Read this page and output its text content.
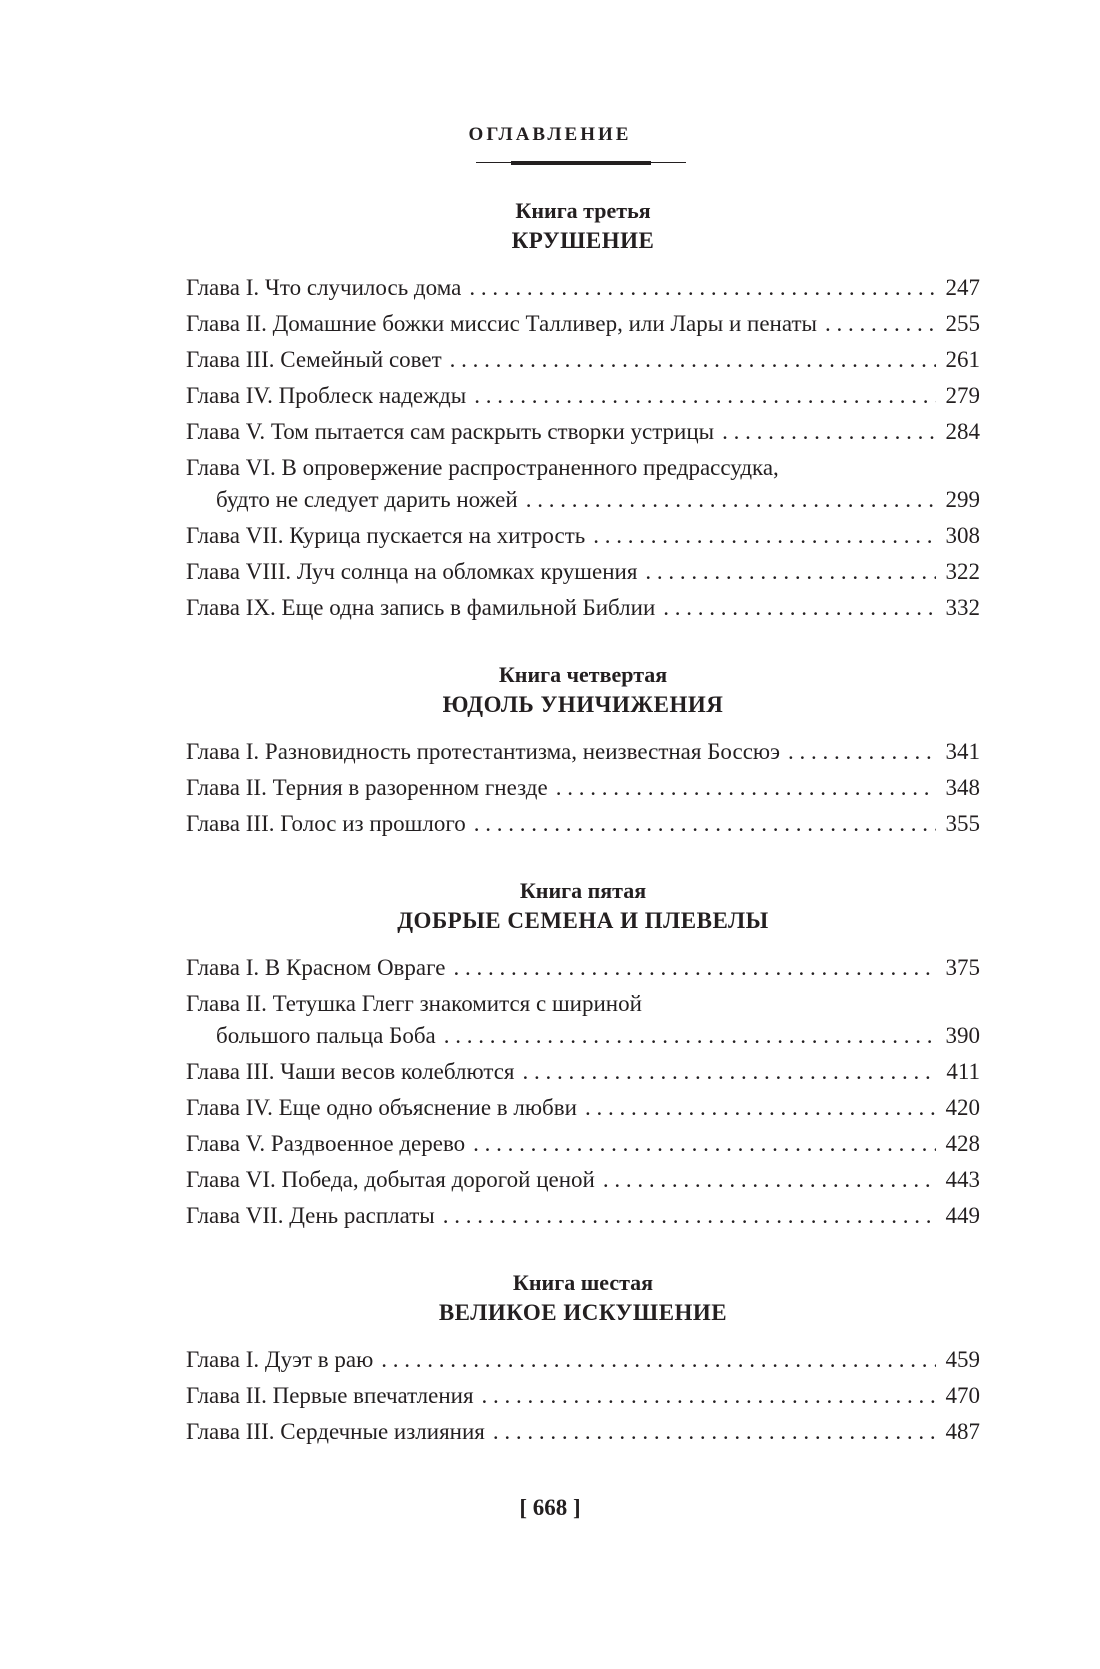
ОГЛАВЛЕНИЕ
Книга третья
КРУШЕНИЕ
Глава I. Что случилось дома . . .	247
Глава II. Домашние божки миссис Талливер, или Лары и пенаты . . .	255
Глава III. Семейный совет . . .	261
Глава IV. Проблеск надежды . . .	279
Глава V. Том пытается сам раскрыть створки устрицы . . .	284
Глава VI. В опровержение распространенного предрассудка,
будто не следует дарить ножей . . .	299
Глава VII. Курица пускается на хитрость . . .	308
Глава VIII. Луч солнца на обломках крушения . . .	322
Глава IX. Еще одна запись в фамильной Библии . . .	332
Книга четвертая
ЮДОЛЬ УНИЧИЖЕНИЯ
Глава I. Разновидность протестантизма, неизвестная Боссюэ . . .	341
Глава II. Терния в разоренном гнезде . . .	348
Глава III. Голос из прошлого . . .	355
Книга пятая
ДОБРЫЕ СЕМЕНА И ПЛЕВЕЛЫ
Глава I. В Красном Овраге . . .	375
Глава II. Тетушка Глегг знакомится с шириной
большого пальца Боба . . .	390
Глава III. Чаши весов колеблются . . .	411
Глава IV. Еще одно объяснение в любви . . .	420
Глава V. Раздвоенное дерево . . .	428
Глава VI. Победа, добытая дорогой ценой . . .	443
Глава VII. День расплаты . . .	449
Книга шестая
ВЕЛИКОЕ ИСКУШЕНИЕ
Глава I. Дуэт в раю . . .	459
Глава II. Первые впечатления . . .	470
Глава III. Сердечные излияния . . .	487
[ 668 ]
